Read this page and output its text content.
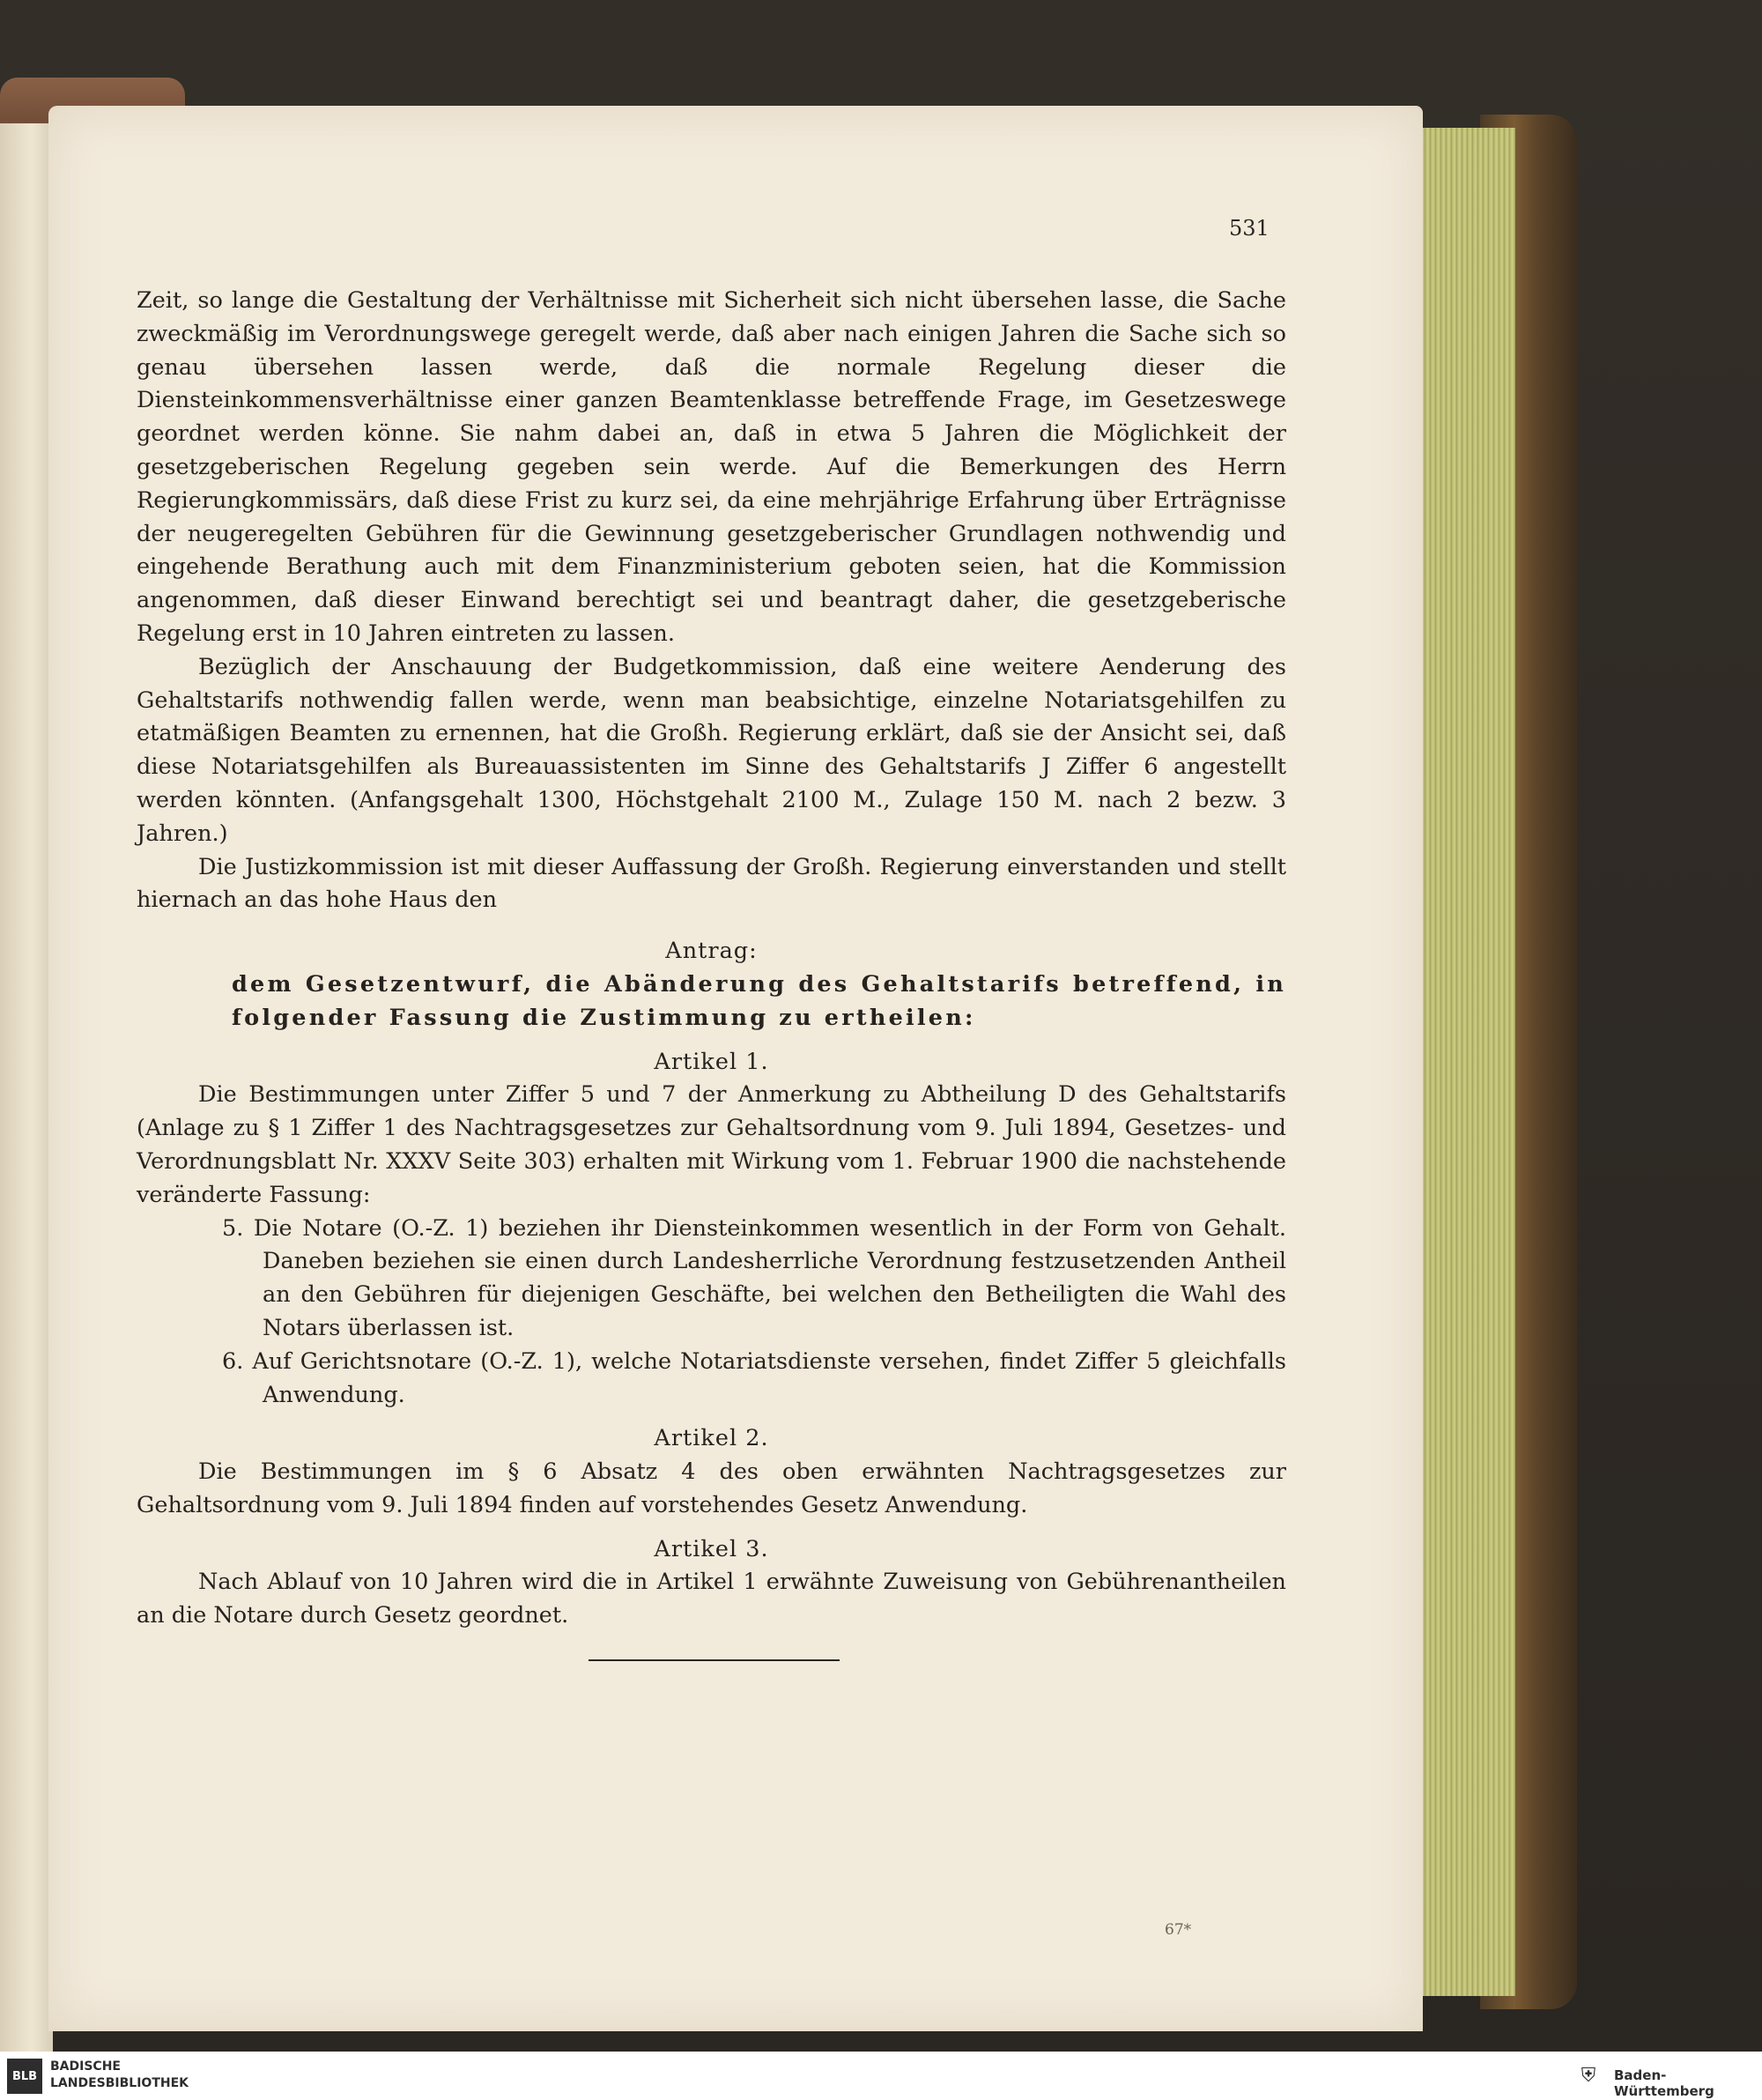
531

Zeit, so lange die Gestaltung der Verhältnisse mit Sicherheit sich nicht übersehen lasse, die Sache zweckmäßig im Verordnungswege geregelt werde, daß aber nach einigen Jahren die Sache sich so genau übersehen lassen werde, daß die normale Regelung dieser die Diensteinkommensverhältnisse einer ganzen Beamtenklasse betreffende Frage, im Gesetzeswege geordnet werden könne. Sie nahm dabei an, daß in etwa 5 Jahren die Möglichkeit der gesetzgeberischen Regelung gegeben sein werde. Auf die Bemerkungen des Herrn Regierungkommissärs, daß diese Frist zu kurz sei, da eine mehrjährige Erfahrung über Erträgnisse der neugeregelten Gebühren für die Gewinnung gesetzgeberischer Grundlagen nothwendig und eingehende Berathung auch mit dem Finanzministerium geboten seien, hat die Kommission angenommen, daß dieser Einwand berechtigt sei und beantragt daher, die gesetzgeberische Regelung erst in 10 Jahren eintreten zu lassen.

Bezüglich der Anschauung der Budgetkommission, daß eine weitere Aenderung des Gehaltstarifs nothwendig fallen werde, wenn man beabsichtige, einzelne Notariatsgehilfen zu etatmäßigen Beamten zu ernennen, hat die Großh. Regierung erklärt, daß sie der Ansicht sei, daß diese Notariatsgehilfen als Bureauassistenten im Sinne des Gehaltstarifs J Ziffer 6 angestellt werden könnten. (Anfangsgehalt 1300, Höchstgehalt 2100 M., Zulage 150 M. nach 2 bezw. 3 Jahren.)

Die Justizkommission ist mit dieser Auffassung der Großh. Regierung einverstanden und stellt hiernach an das hohe Haus den

Antrag:

dem Gesetzentwurf, die Abänderung des Gehaltstarifs betreffend, in folgender Fassung die Zustimmung zu ertheilen:

Artikel 1.

Die Bestimmungen unter Ziffer 5 und 7 der Anmerkung zu Abtheilung D des Gehaltstarifs (Anlage zu § 1 Ziffer 1 des Nachtragsgesetzes zur Gehaltsordnung vom 9. Juli 1894, Gesetzes- und Verordnungsblatt Nr. XXXV Seite 303) erhalten mit Wirkung vom 1. Februar 1900 die nachstehende veränderte Fassung:

5. Die Notare (O.-Z. 1) beziehen ihr Diensteinkommen wesentlich in der Form von Gehalt. Daneben beziehen sie einen durch Landesherrliche Verordnung festzusetzenden Antheil an den Gebühren für diejenigen Geschäfte, bei welchen den Betheiligten die Wahl des Notars überlassen ist.

6. Auf Gerichtsnotare (O.-Z. 1), welche Notariatsdienste versehen, findet Ziffer 5 gleichfalls Anwendung.

Artikel 2.

Die Bestimmungen im § 6 Absatz 4 des oben erwähnten Nachtragsgesetzes zur Gehaltsordnung vom 9. Juli 1894 finden auf vorstehendes Gesetz Anwendung.

Artikel 3.

Nach Ablauf von 10 Jahren wird die in Artikel 1 erwähnte Zuweisung von Gebührenantheilen an die Notare durch Gesetz geordnet.

67*
BLB
BADISCHE
LANDESBIBLIOTHEK	⛨	Baden-Württemberg
